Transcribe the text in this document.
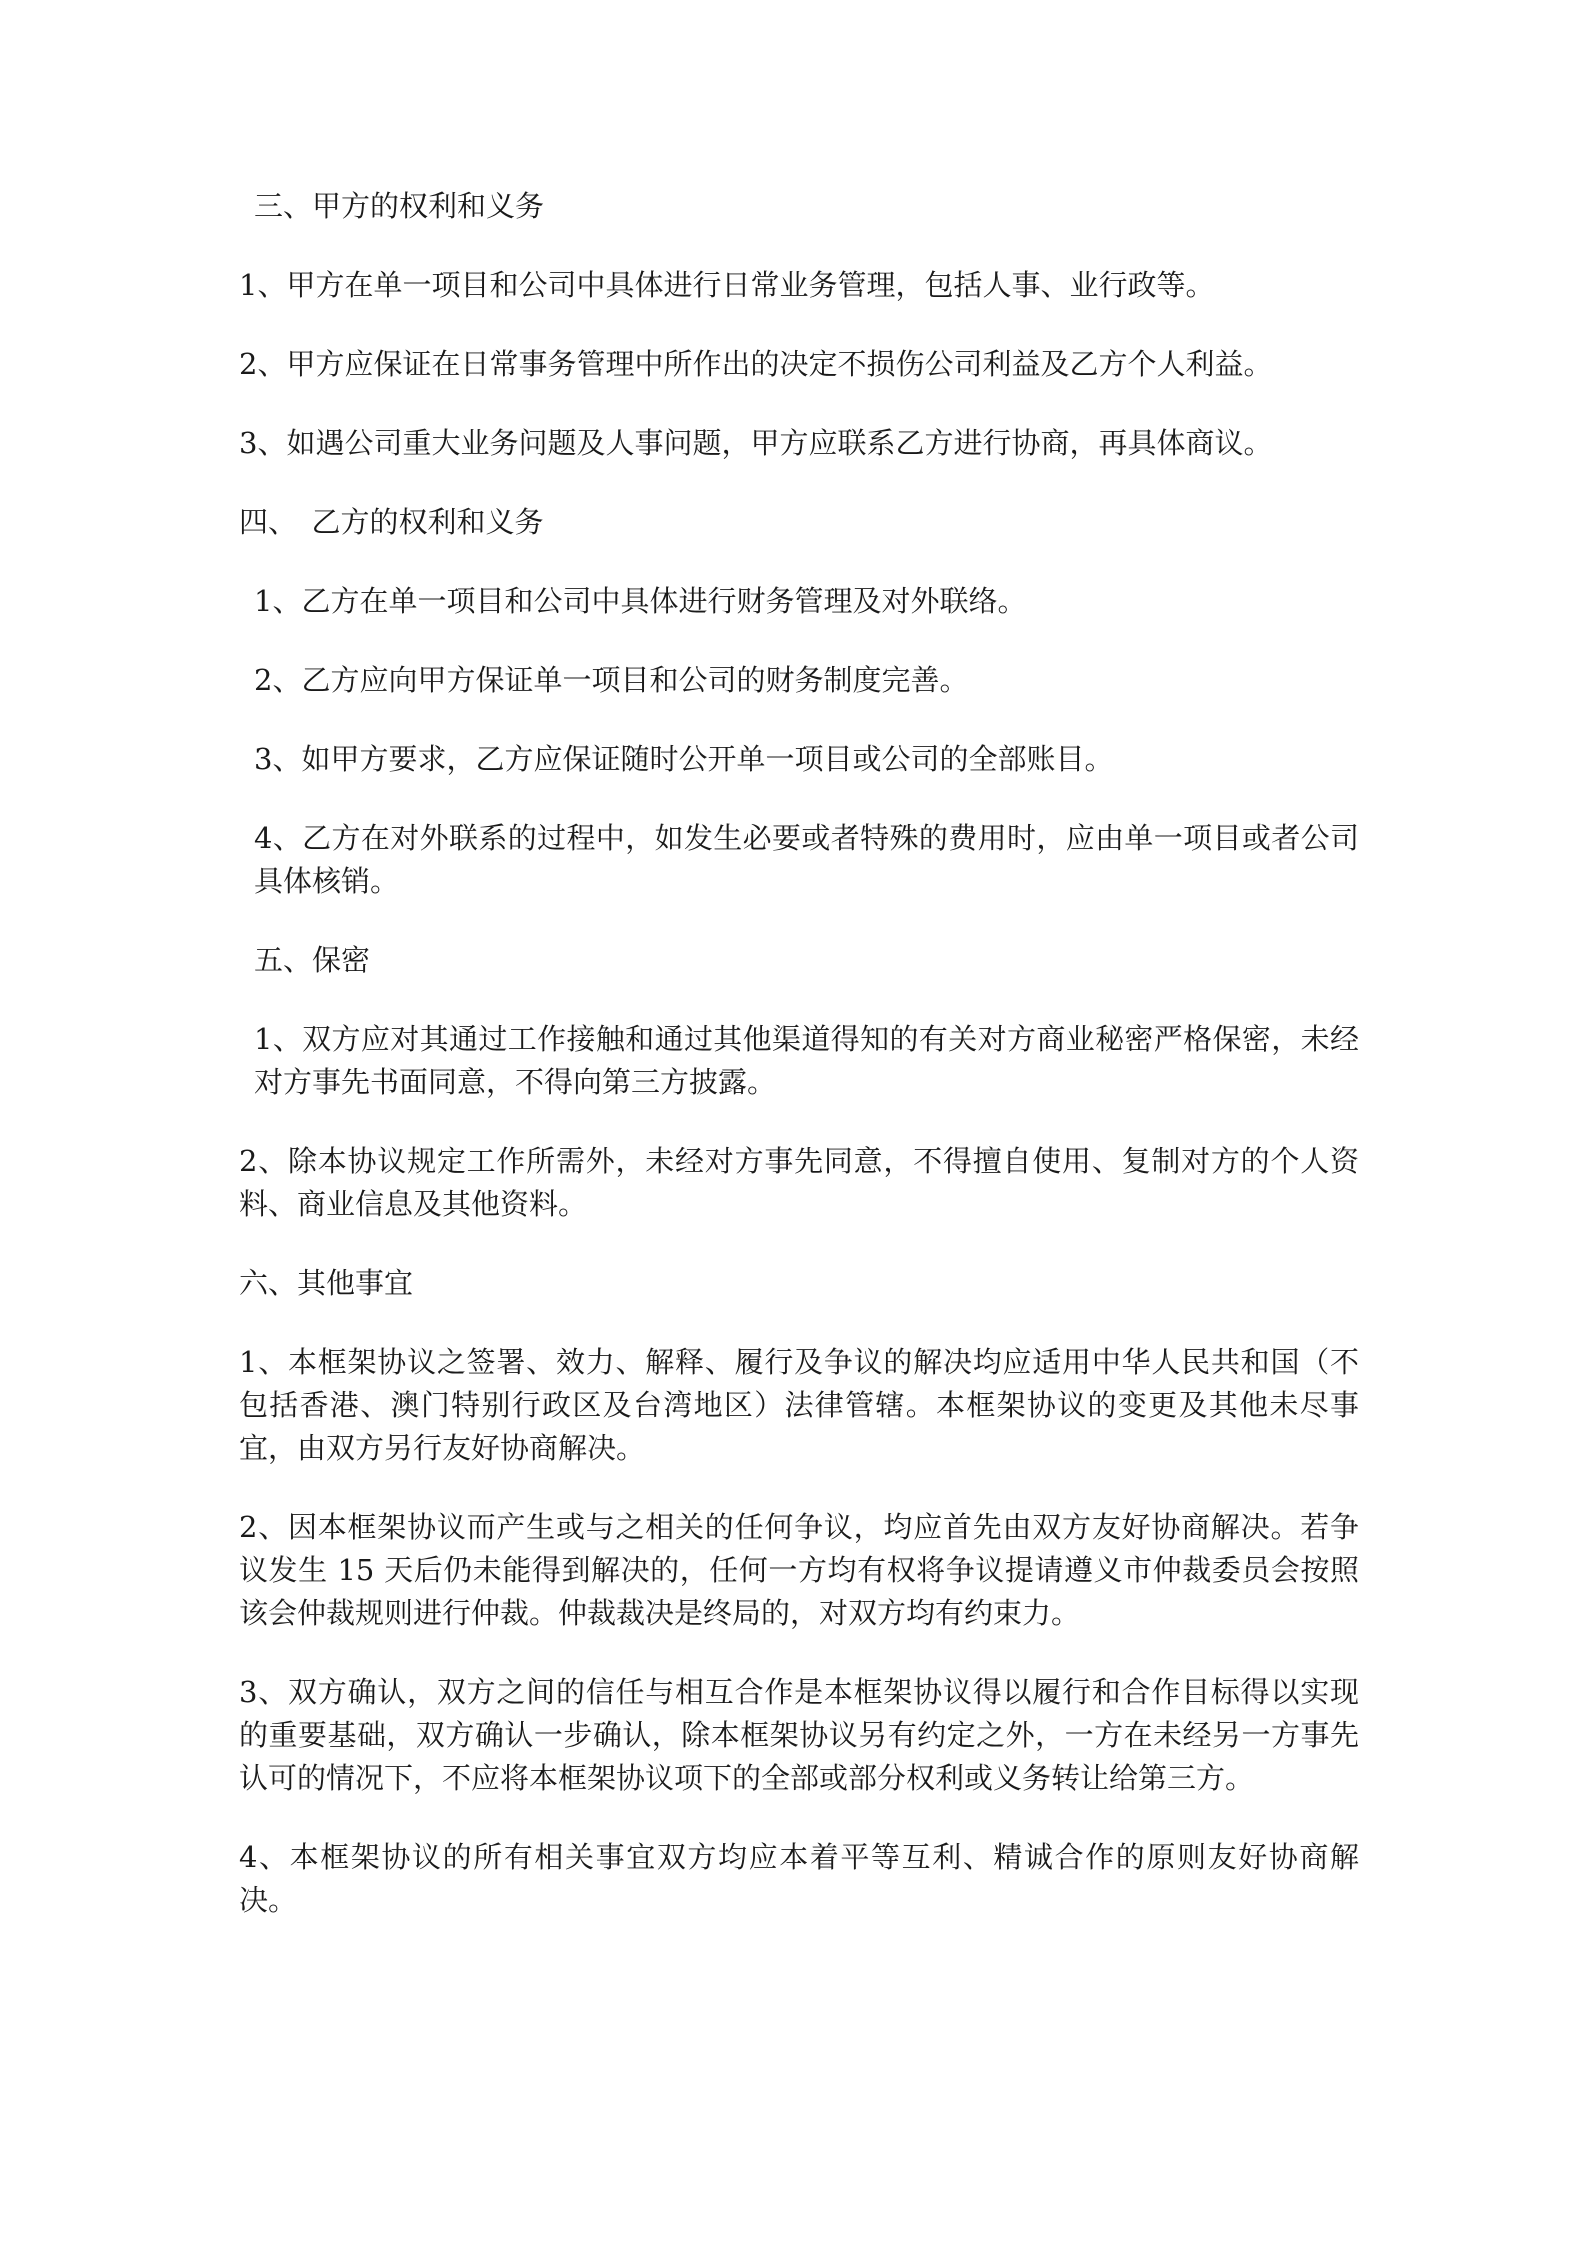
三、甲方的权利和义务

1、甲方在单一项目和公司中具体进行日常业务管理，包括人事、业行政等。

2、甲方应保证在日常事务管理中所作出的决定不损伤公司利益及乙方个人利益。

3、如遇公司重大业务问题及人事问题，甲方应联系乙方进行协商，再具体商议。

四、　乙方的权利和义务

1、乙方在单一项目和公司中具体进行财务管理及对外联络。

2、乙方应向甲方保证单一项目和公司的财务制度完善。

3、如甲方要求，乙方应保证随时公开单一项目或公司的全部账目。

4、乙方在对外联系的过程中，如发生必要或者特殊的费用时，应由单一项目或者公司具体核销。

五、保密

1、双方应对其通过工作接触和通过其他渠道得知的有关对方商业秘密严格保密，未经对方事先书面同意，不得向第三方披露。

2、除本协议规定工作所需外，未经对方事先同意，不得擅自使用、复制对方的个人资料、商业信息及其他资料。

六、其他事宜

1、本框架协议之签署、效力、解释、履行及争议的解决均应适用中华人民共和国（不包括香港、澳门特别行政区及台湾地区）法律管辖。本框架协议的变更及其他未尽事宜，由双方另行友好协商解决。

2、因本框架协议而产生或与之相关的任何争议，均应首先由双方友好协商解决。若争议发生 15 天后仍未能得到解决的，任何一方均有权将争议提请遵义市仲裁委员会按照该会仲裁规则进行仲裁。仲裁裁决是终局的，对双方均有约束力。

3、双方确认，双方之间的信任与相互合作是本框架协议得以履行和合作目标得以实现的重要基础，双方确认一步确认，除本框架协议另有约定之外，一方在未经另一方事先认可的情况下，不应将本框架协议项下的全部或部分权利或义务转让给第三方。

4、本框架协议的所有相关事宜双方均应本着平等互利、精诚合作的原则友好协商解决。
